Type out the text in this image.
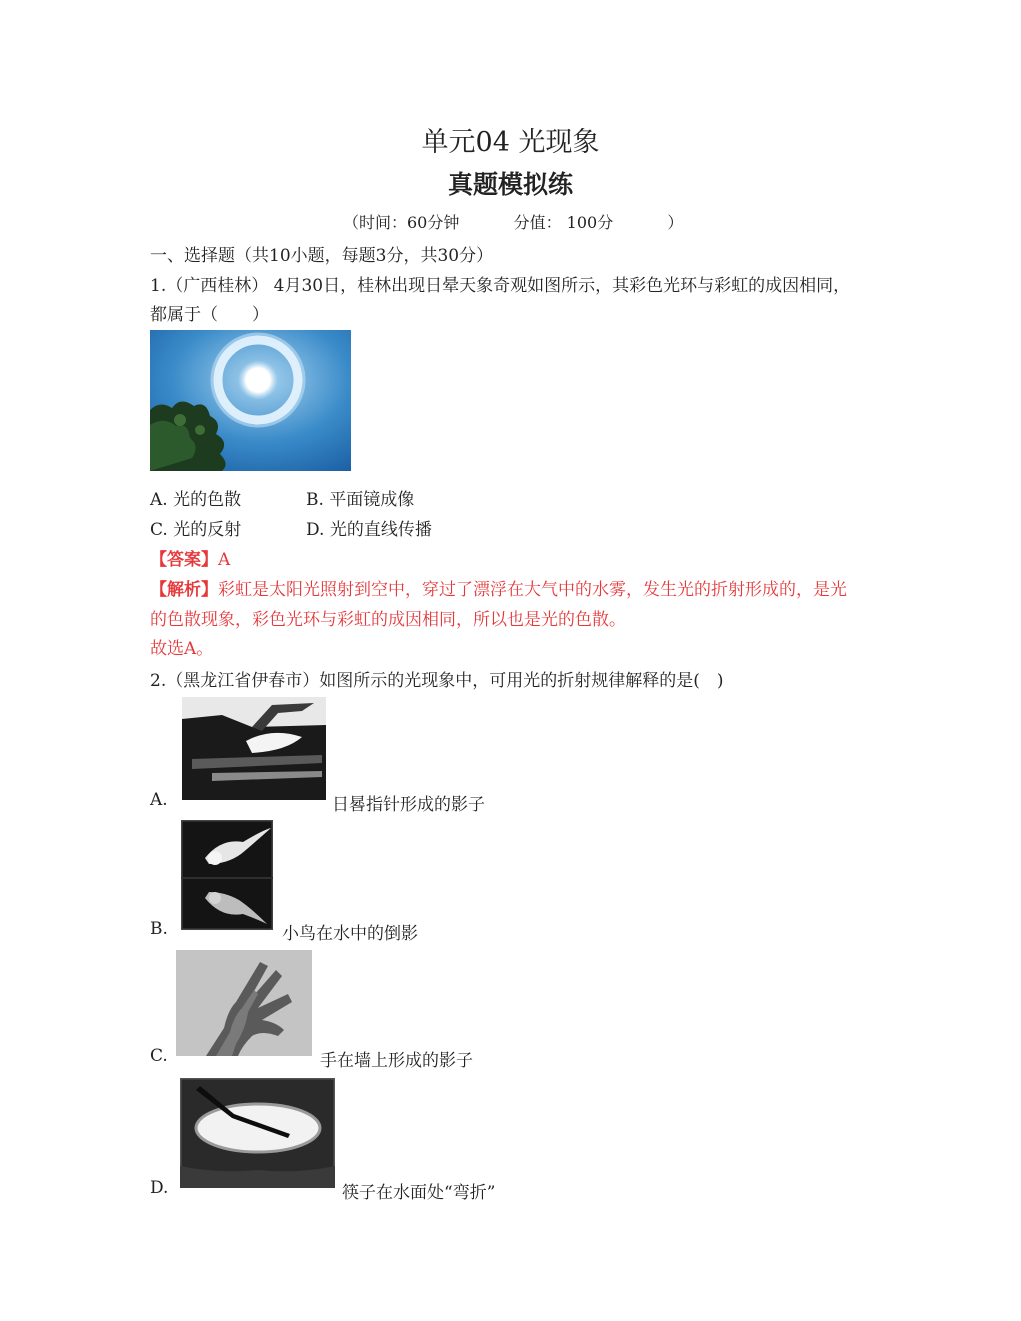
单元04 光现象
真题模拟练
（时间：60分钟	分值： 100分	）
一、选择题（共10小题，每题3分，共30分）
1.（广西桂林） 4月30日，桂林出现日晕天象奇观如图所示，其彩色光环与彩虹的成因相同，
都属于（　　）
A. 光的色散	B. 平面镜成像
C. 光的反射	D. 光的直线传播
【答案】A
【解析】彩虹是太阳光照射到空中，穿过了漂浮在大气中的水雾，发生光的折射形成的，是光
的色散现象，彩色光环与彩虹的成因相同，所以也是光的色散。
故选A。
2.（黑龙江省伊春市）如图所示的光现象中，可用光的折射规律解释的是(　)
A.	日晷指针形成的影子
B.	小鸟在水中的倒影
C.	手在墙上形成的影子
D.	筷子在水面处“弯折”
